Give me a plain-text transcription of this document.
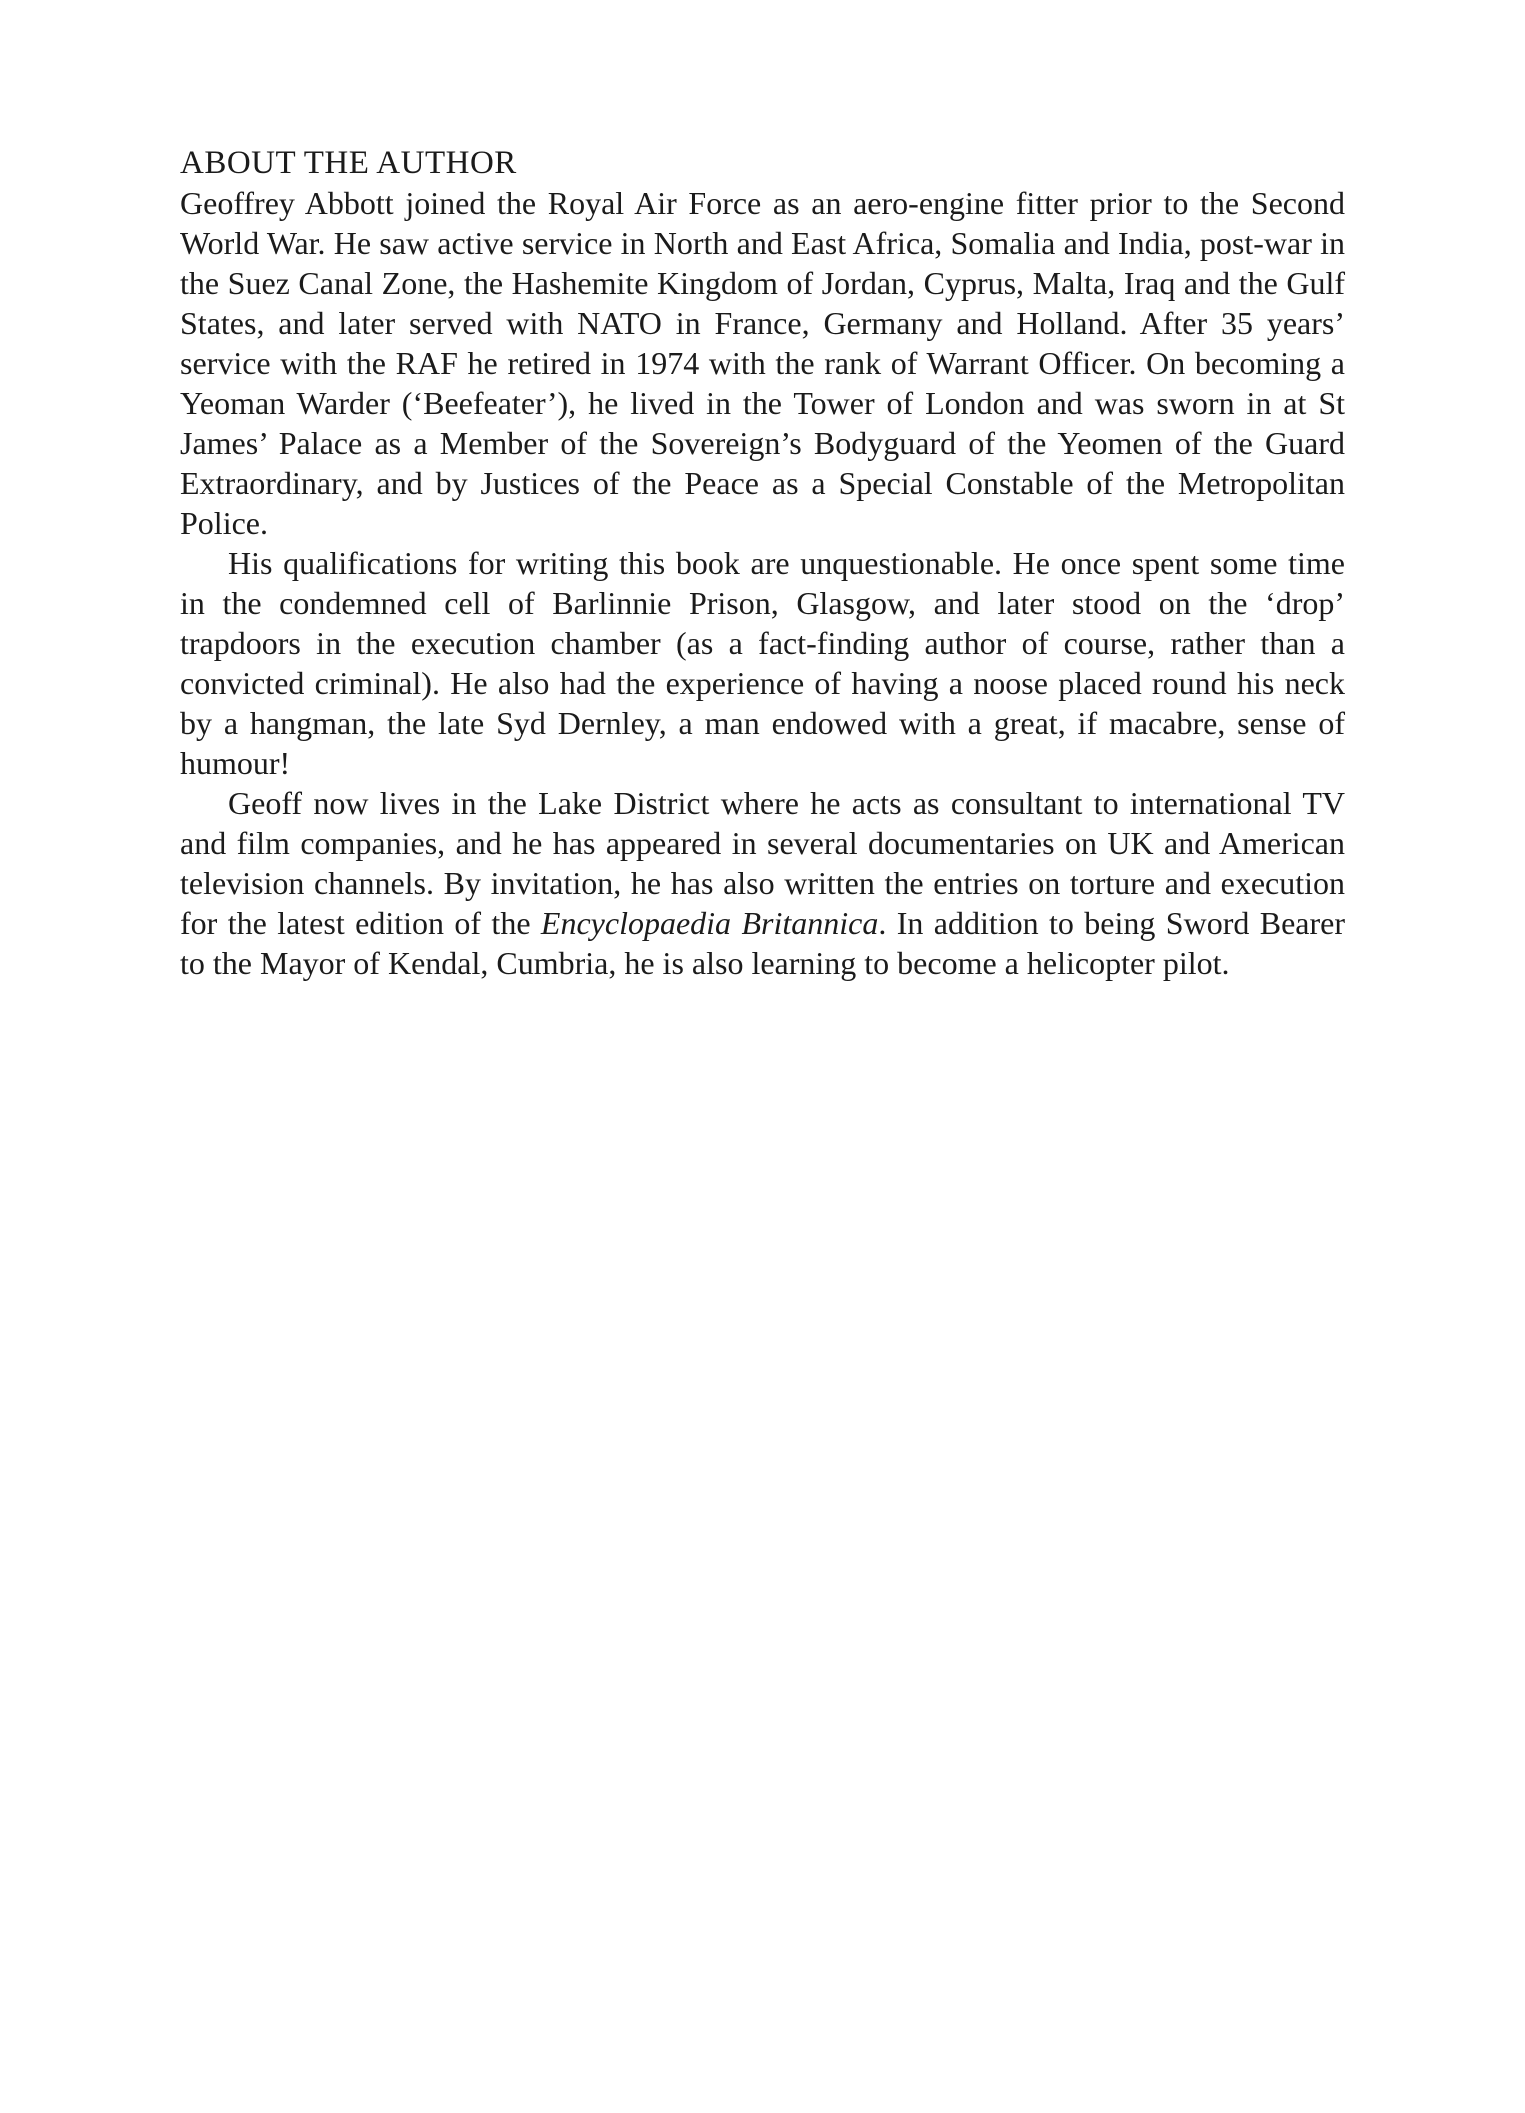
ABOUT THE AUTHOR

Geoffrey Abbott joined the Royal Air Force as an aero-engine fitter prior to the Second World War. He saw active service in North and East Africa, Somalia and India, post-war in the Suez Canal Zone, the Hashemite Kingdom of Jordan, Cyprus, Malta, Iraq and the Gulf States, and later served with NATO in France, Germany and Holland. After 35 years’ service with the RAF he retired in 1974 with the rank of Warrant Officer. On becoming a Yeoman Warder (‘Beefeater’), he lived in the Tower of London and was sworn in at St James’ Palace as a Member of the Sovereign’s Bodyguard of the Yeomen of the Guard Extraordinary, and by Justices of the Peace as a Special Constable of the Metropolitan Police.

His qualifications for writing this book are unquestionable. He once spent some time in the condemned cell of Barlinnie Prison, Glasgow, and later stood on the ‘drop’ trapdoors in the execution chamber (as a fact-finding author of course, rather than a convicted criminal). He also had the experience of having a noose placed round his neck by a hangman, the late Syd Dernley, a man endowed with a great, if macabre, sense of humour!

Geoff now lives in the Lake District where he acts as consultant to international TV and film companies, and he has appeared in several documentaries on UK and American television channels. By invitation, he has also written the entries on torture and execution for the latest edition of the Encyclopaedia Britannica. In addition to being Sword Bearer to the Mayor of Kendal, Cumbria, he is also learning to become a helicopter pilot.
